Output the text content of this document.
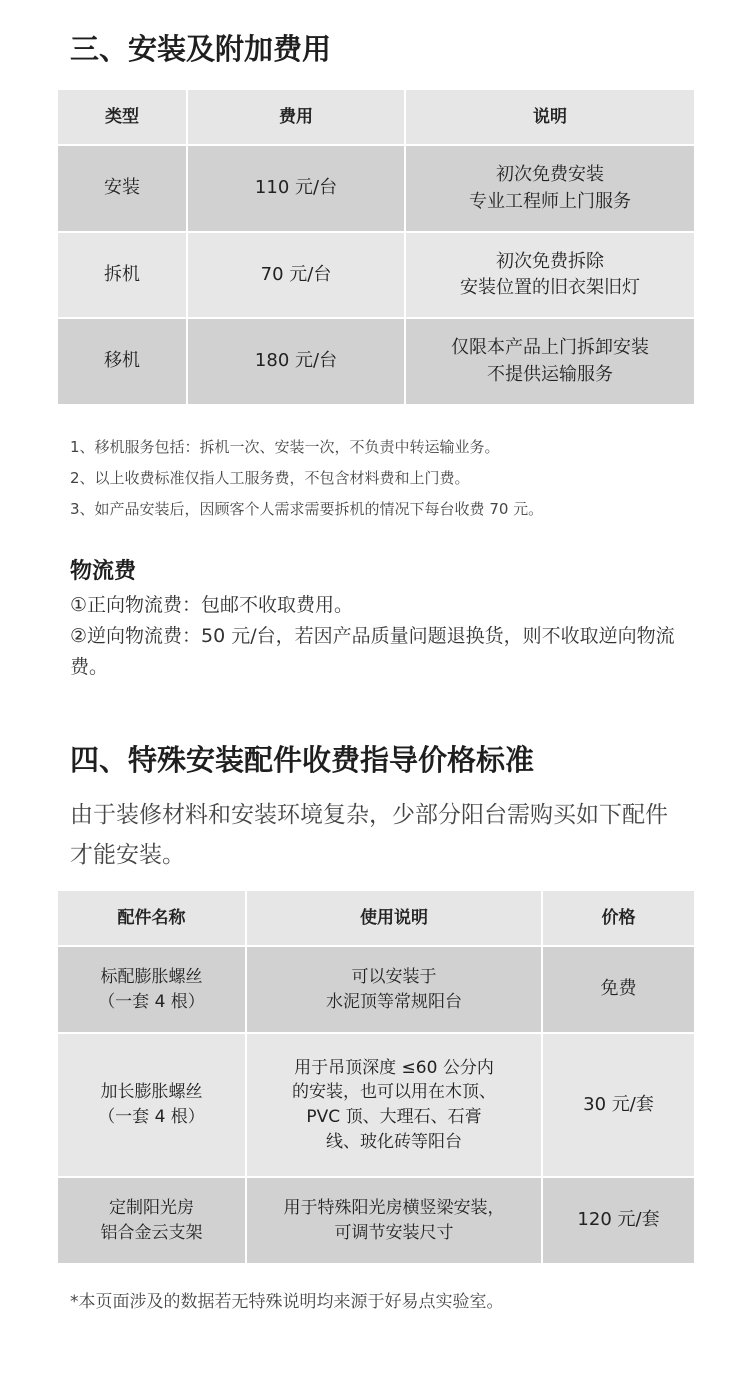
三、安装及附加费用
类型	费用	说明
安装	110 元/台	初次免费安装
专业工程师上门服务

拆机	70 元/台	初次免费拆除
安装位置的旧衣架旧灯

移机	180 元/台	仅限本产品上门拆卸安装
不提供运输服务
1、移机服务包括：拆机一次、安装一次，不负责中转运输业务。
2、以上收费标准仅指人工服务费，不包含材料费和上门费。
3、如产品安装后，因顾客个人需求需要拆机的情况下每台收费 70 元。
物流费
①正向物流费：包邮不收取费用。
②逆向物流费：50 元/台，若因产品质量问题退换货，则不收取逆向物流费。
四、特殊安装配件收费指导价格标准
由于装修材料和安装环境复杂，少部分阳台需购买如下配件才能安装。
配件名称	使用说明	价格

标配膨胀螺丝
（一套 4 根）	可以安装于
水泥顶等常规阳台	免费

加长膨胀螺丝
（一套 4 根）	用于吊顶深度 ≤60 公分内
的安装，也可以用在木顶、
PVC 顶、大理石、石膏
线、玻化砖等阳台	30 元/套

定制阳光房
铝合金云支架	用于特殊阳光房横竖梁安装，
可调节安装尺寸	120 元/套
*本页面涉及的数据若无特殊说明均来源于好易点实验室。
